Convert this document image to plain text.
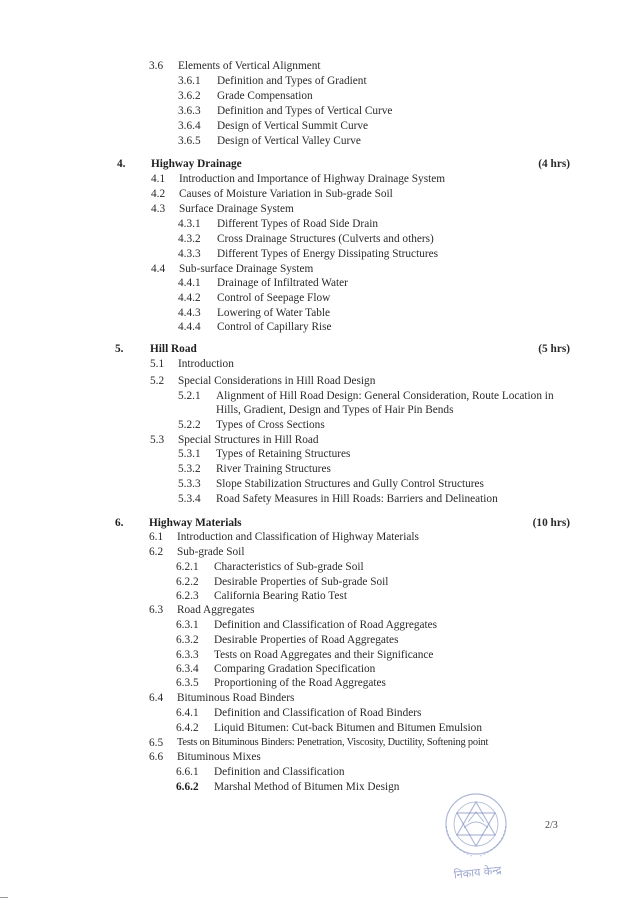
3.6 Elements of Vertical Alignment
3.6.1 Definition and Types of Gradient
3.6.2 Grade Compensation
3.6.3 Definition and Types of Vertical Curve
3.6.4 Design of Vertical Summit Curve
3.6.5 Design of Vertical Valley Curve
4. Highway Drainage	(4 hrs)
4.1 Introduction and Importance of Highway Drainage System
4.2 Causes of Moisture Variation in Sub-grade Soil
4.3 Surface Drainage System
4.3.1 Different Types of Road Side Drain
4.3.2 Cross Drainage Structures (Culverts and others)
4.3.3 Different Types of Energy Dissipating Structures
4.4 Sub-surface Drainage System
4.4.1 Drainage of Infiltrated Water
4.4.2 Control of Seepage Flow
4.4.3 Lowering of Water Table
4.4.4 Control of Capillary Rise
5. Hill Road	(5 hrs)
5.1 Introduction
5.2 Special Considerations in Hill Road Design
5.2.1 Alignment of Hill Road Design: General Consideration, Route Location in
Hills, Gradient, Design and Types of Hair Pin Bends
5.2.2 Types of Cross Sections
5.3 Special Structures in Hill Road
5.3.1 Types of Retaining Structures
5.3.2 River Training Structures
5.3.3 Slope Stabilization Structures and Gully Control Structures
5.3.4 Road Safety Measures in Hill Roads: Barriers and Delineation
6. Highway Materials	(10 hrs)
6.1 Introduction and Classification of Highway Materials
6.2 Sub-grade Soil
6.2.1 Characteristics of Sub-grade Soil
6.2.2 Desirable Properties of Sub-grade Soil
6.2.3 California Bearing Ratio Test
6.3 Road Aggregates
6.3.1 Definition and Classification of Road Aggregates
6.3.2 Desirable Properties of Road Aggregates
6.3.3 Tests on Road Aggregates and their Significance
6.3.4 Comparing Gradation Specification
6.3.5 Proportioning of the Road Aggregates
6.4 Bituminous Road Binders
6.4.1 Definition and Classification of Road Binders
6.4.2 Liquid Bitumen: Cut-back Bitumen and Bitumen Emulsion
6.5 Tests on Bituminous Binders: Penetration, Viscosity, Ductility, Softening point
6.6 Bituminous Mixes
6.6.1 Definition and Classification
6.6.2 Marshal Method of Bitumen Mix Design
2/3
निकाय केन्द्र
